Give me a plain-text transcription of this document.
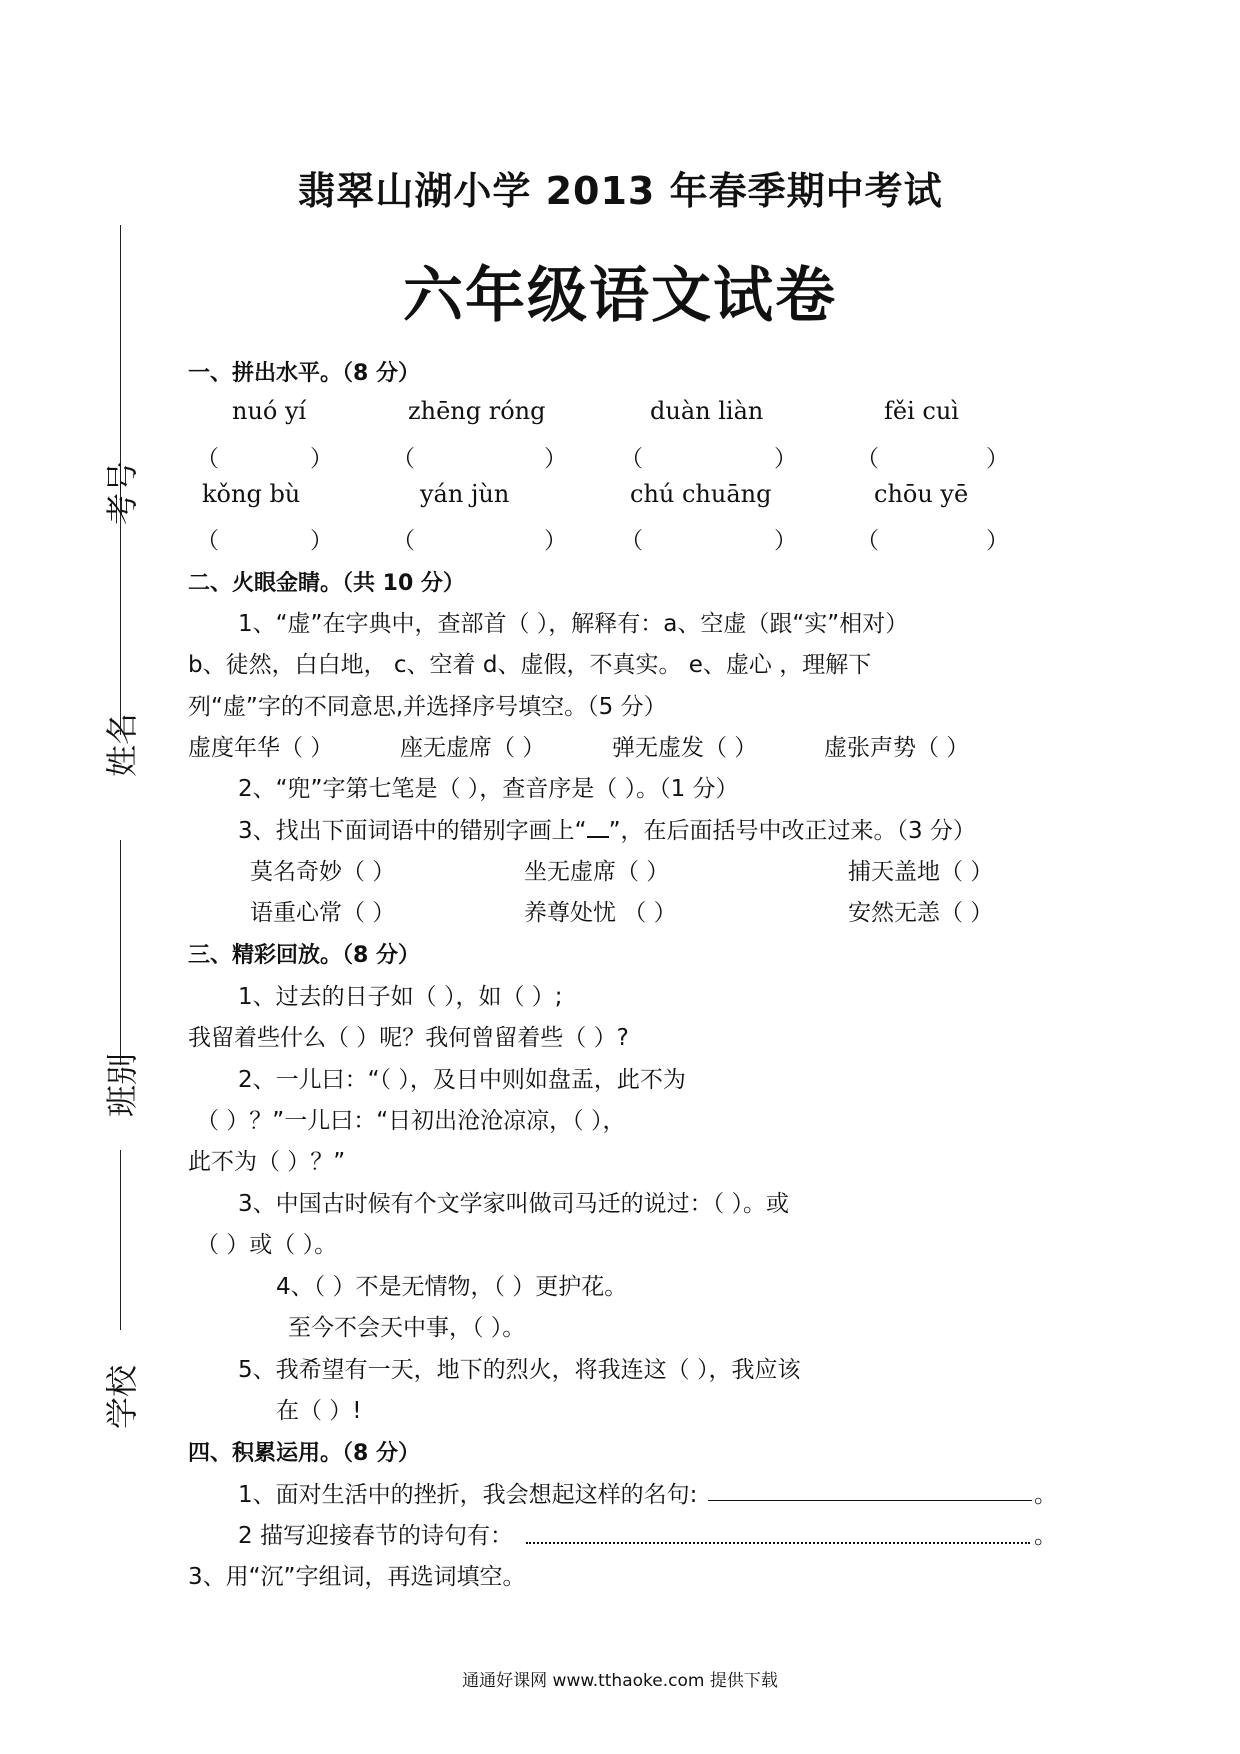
翡翠山湖小学 2013 年春季期中考试
六年级语文试卷
考号
姓名
班别
学校
一、拼出水平。（8 分）
nuó yí	zhēng róng	duàn liàn	fěi cuì
（	）	（	） （	）	（	）
kǒng bù	yán jùn	chú chuāng	chōu yē
（	）	（	） （	）	（	）
二、火眼金睛。（共 10 分）
1、“虚”在字典中，查部首（ ），解释有：a、空虚（跟“实”相对）
b、徒然，白白地， c、空着 d、虚假，不真实。 e、虚心 ，理解下
列“虚”字的不同意思,并选择序号填空。（5 分）
虚度年华（ ）	座无虚席（ ）	弹无虚发（ ）	虚张声势（ ）
2、“兜”字第七笔是（ ），查音序是（ ）。（1 分）
3、找出下面词语中的错别字画上“ ”，在后面括号中改正过来。（3 分）
莫名奇妙（ ）	坐无虚席（ ）	捕天盖地（ ）
语重心常（ ）	养尊处忧 （ ）	安然无恙（ ）
三、精彩回放。（8 分）
1、过去的日子如（ ），如（ ）;
我留着些什么（ ）呢？我何曾留着些（ ）?
2、一儿曰：“（ ），及日中则如盘盂，此不为
（ ）？”一儿曰：“日初出沧沧凉凉，（ ），
此不为（ ）？”
3、中国古时候有个文学家叫做司马迁的说过：（ ）。或
（ ）或（ ）。
4、（ ）不是无情物，（ ）更护花。
至今不会天中事，（ ）。
5、我希望有一天，地下的烈火，将我连这（ ），我应该
在（ ）!
四、积累运用。（8 分）
1、面对生活中的挫折，我会想起这样的名句:	。
2 描写迎接春节的诗句有：	。
3、用“沉”字组词，再选词填空。
通通好课网 www.tthaoke.com 提供下载
